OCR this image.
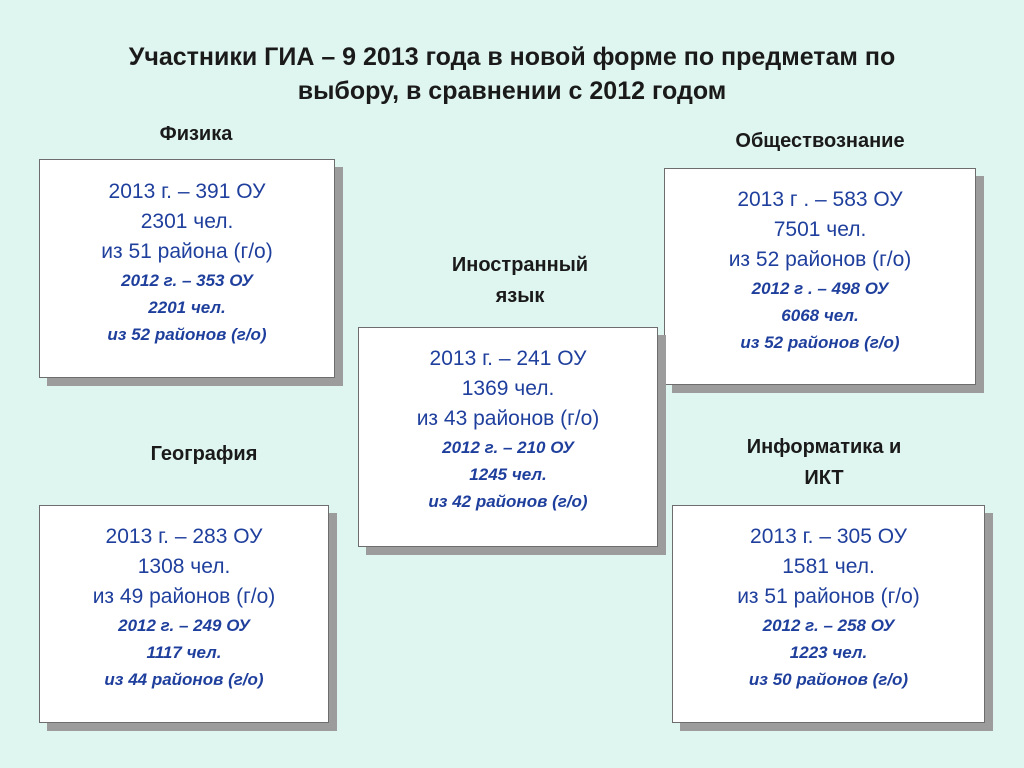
Участники ГИА – 9 2013 года в новой форме по предметам по
выбору, в сравнении с 2012 годом
Физика
2013 г. – 391 ОУ
2301 чел.
из 51 района (г/о)
2012 г. – 353 ОУ
2201 чел.
из 52 районов (г/о)
Обществознание
2013 г . – 583 ОУ
7501 чел.
из 52 районов (г/о)
2012 г . – 498 ОУ
6068 чел.
из 52 районов (г/о)
Иностранный
язык
2013 г. – 241 ОУ
1369 чел.
из 43 районов (г/о)
2012 г. – 210 ОУ
1245 чел.
из 42 районов (г/о)
География
2013 г. – 283 ОУ
1308 чел.
из 49 районов (г/о)
2012 г. – 249 ОУ
1117 чел.
из 44 районов (г/о)
Информатика и
ИКТ
2013 г. – 305 ОУ
1581 чел.
из 51 районов (г/о)
2012 г. – 258 ОУ
1223 чел.
из 50 районов (г/о)
